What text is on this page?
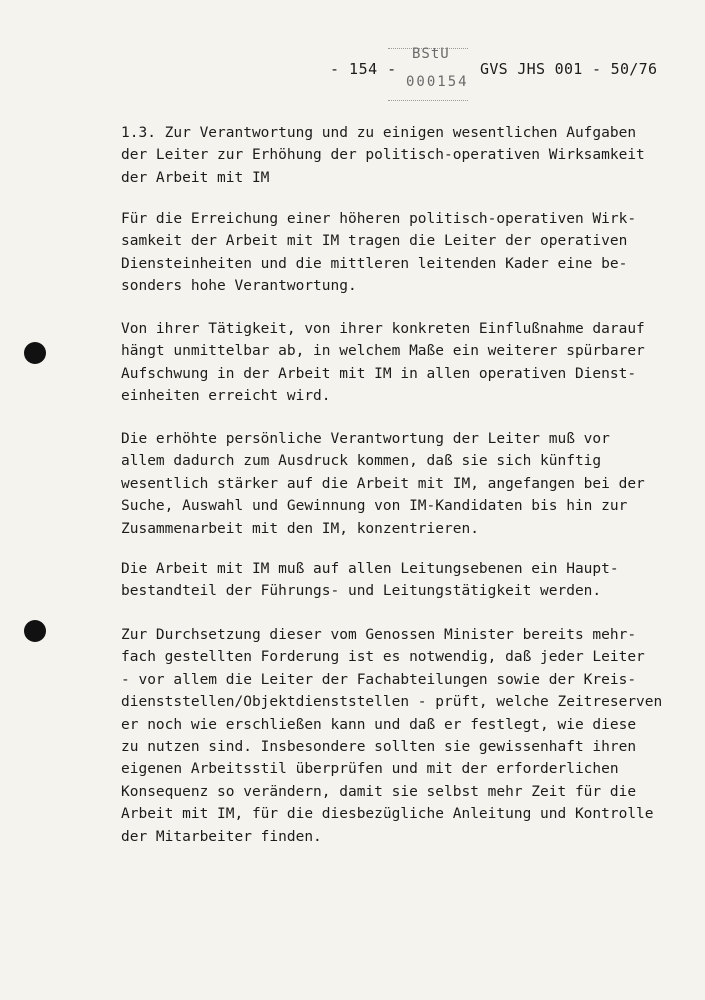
- 154 -
BStU
000154
GVS JHS 001 - 50/76
1.3. Zur Verantwortung und zu einigen wesentlichen Aufgaben
der Leiter zur Erhöhung der politisch-operativen Wirksamkeit
der Arbeit mit IM
Für die Erreichung einer höheren politisch-operativen Wirk-
samkeit der Arbeit mit IM tragen die Leiter der operativen
Diensteinheiten und die mittleren leitenden Kader eine be-
sonders hohe Verantwortung.
Von ihrer Tätigkeit, von ihrer konkreten Einflußnahme darauf
hängt unmittelbar ab, in welchem Maße ein weiterer spürbarer
Aufschwung in der Arbeit mit IM in allen operativen Dienst-
einheiten erreicht wird.
Die erhöhte persönliche Verantwortung der Leiter muß vor
allem dadurch zum Ausdruck kommen, daß sie sich künftig
wesentlich stärker auf die Arbeit mit IM, angefangen bei der
Suche, Auswahl und Gewinnung von IM-Kandidaten bis hin zur
Zusammenarbeit mit den IM, konzentrieren.
Die Arbeit mit IM muß auf allen Leitungsebenen ein Haupt-
bestandteil der Führungs- und Leitungstätigkeit werden.
Zur Durchsetzung dieser vom Genossen Minister bereits mehr-
fach gestellten Forderung ist es notwendig, daß jeder Leiter
- vor allem die Leiter der Fachabteilungen sowie der Kreis-
dienststellen/Objektdienststellen - prüft, welche Zeitreserven
er noch wie erschließen kann und daß er festlegt, wie diese
zu nutzen sind. Insbesondere sollten sie gewissenhaft ihren
eigenen Arbeitsstil überprüfen und mit der erforderlichen
Konsequenz so verändern, damit sie selbst mehr Zeit für die
Arbeit mit IM, für die diesbezügliche Anleitung und Kontrolle
der Mitarbeiter finden.
